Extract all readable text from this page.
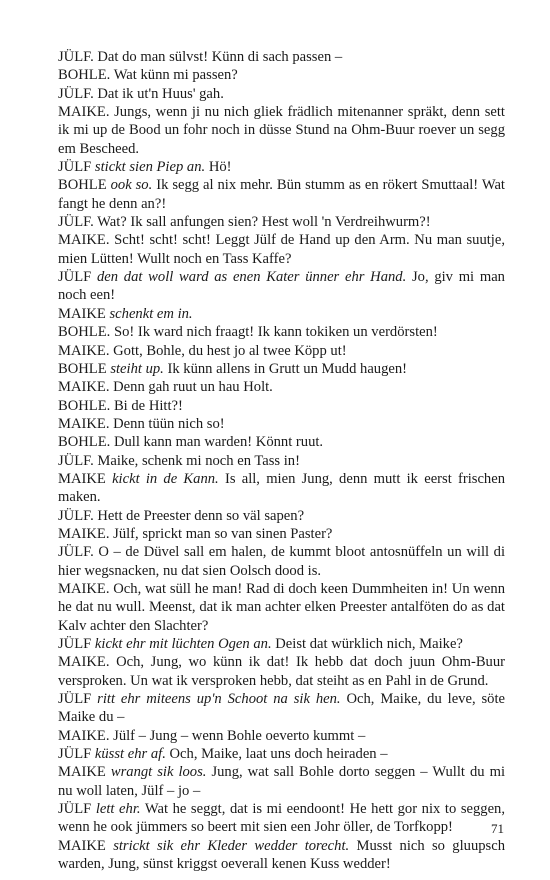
JÜLF. Dat do man sülvst! Künn di sach passen –

BOHLE. Wat künn mi passen?

JÜLF. Dat ik ut'n Huus' gah.

MAIKE. Jungs, wenn ji nu nich gliek frädlich mitenanner spräkt, denn sett ik mi up de Bood un fohr noch in düsse Stund na Ohm-Buur roever un segg em Bescheed.

JÜLF stickt sien Piep an. Hö!

BOHLE ook so. Ik segg al nix mehr. Bün stumm as en rökert Smuttaal! Wat fangt he denn an?!

JÜLF. Wat? Ik sall anfungen sien? Hest woll 'n Verdreihwurm?!

MAIKE. Scht! scht! scht! Leggt Jülf de Hand up den Arm. Nu man suutje, mien Lütten! Wullt noch en Tass Kaffe?

JÜLF den dat woll ward as enen Kater ünner ehr Hand. Jo, giv mi man noch een!

MAIKE schenkt em in.

BOHLE. So! Ik ward nich fraagt! Ik kann tokiken un verdörsten!

MAIKE. Gott, Bohle, du hest jo al twee Köpp ut!

BOHLE steiht up. Ik künn allens in Grutt un Mudd haugen!

MAIKE. Denn gah ruut un hau Holt.

BOHLE. Bi de Hitt?!

MAIKE. Denn tüün nich so!

BOHLE. Dull kann man warden! Könnt ruut.

JÜLF. Maike, schenk mi noch en Tass in!

MAIKE kickt in de Kann. Is all, mien Jung, denn mutt ik eerst frischen maken.

JÜLF. Hett de Preester denn so väl sapen?

MAIKE. Jülf, sprickt man so van sinen Paster?

JÜLF. O – de Düvel sall em halen, de kummt bloot antosnüffeln un will di hier wegsnacken, nu dat sien Oolsch dood is.

MAIKE. Och, wat süll he man! Rad di doch keen Dummheiten in! Un wenn he dat nu wull. Meenst, dat ik man achter elken Preester antalföten do as dat Kalv achter den Slachter?

JÜLF kickt ehr mit lüchten Ogen an. Deist dat würklich nich, Maike?

MAIKE. Och, Jung, wo künn ik dat! Ik hebb dat doch juun Ohm-Buur versproken. Un wat ik versproken hebb, dat steiht as en Pahl in de Grund.

JÜLF ritt ehr miteens up'n Schoot na sik hen. Och, Maike, du leve, söte Maike du –

MAIKE. Jülf – Jung – wenn Bohle oeverto kummt –

JÜLF küsst ehr af. Och, Maike, laat uns doch heiraden –

MAIKE wrangt sik loos. Jung, wat sall Bohle dorto seggen – Wullt du mi nu woll laten, Jülf – jo –

JÜLF lett ehr. Wat he seggt, dat is mi eendoont! He hett gor nix to seggen, wenn he ook jümmers so beert mit sien een Johr öller, de Torfkopp!

MAIKE strickt sik ehr Kleder wedder torecht. Musst nich so gluupsch warden, Jung, sünst kriggst oeverall kenen Kuss wedder!

71
